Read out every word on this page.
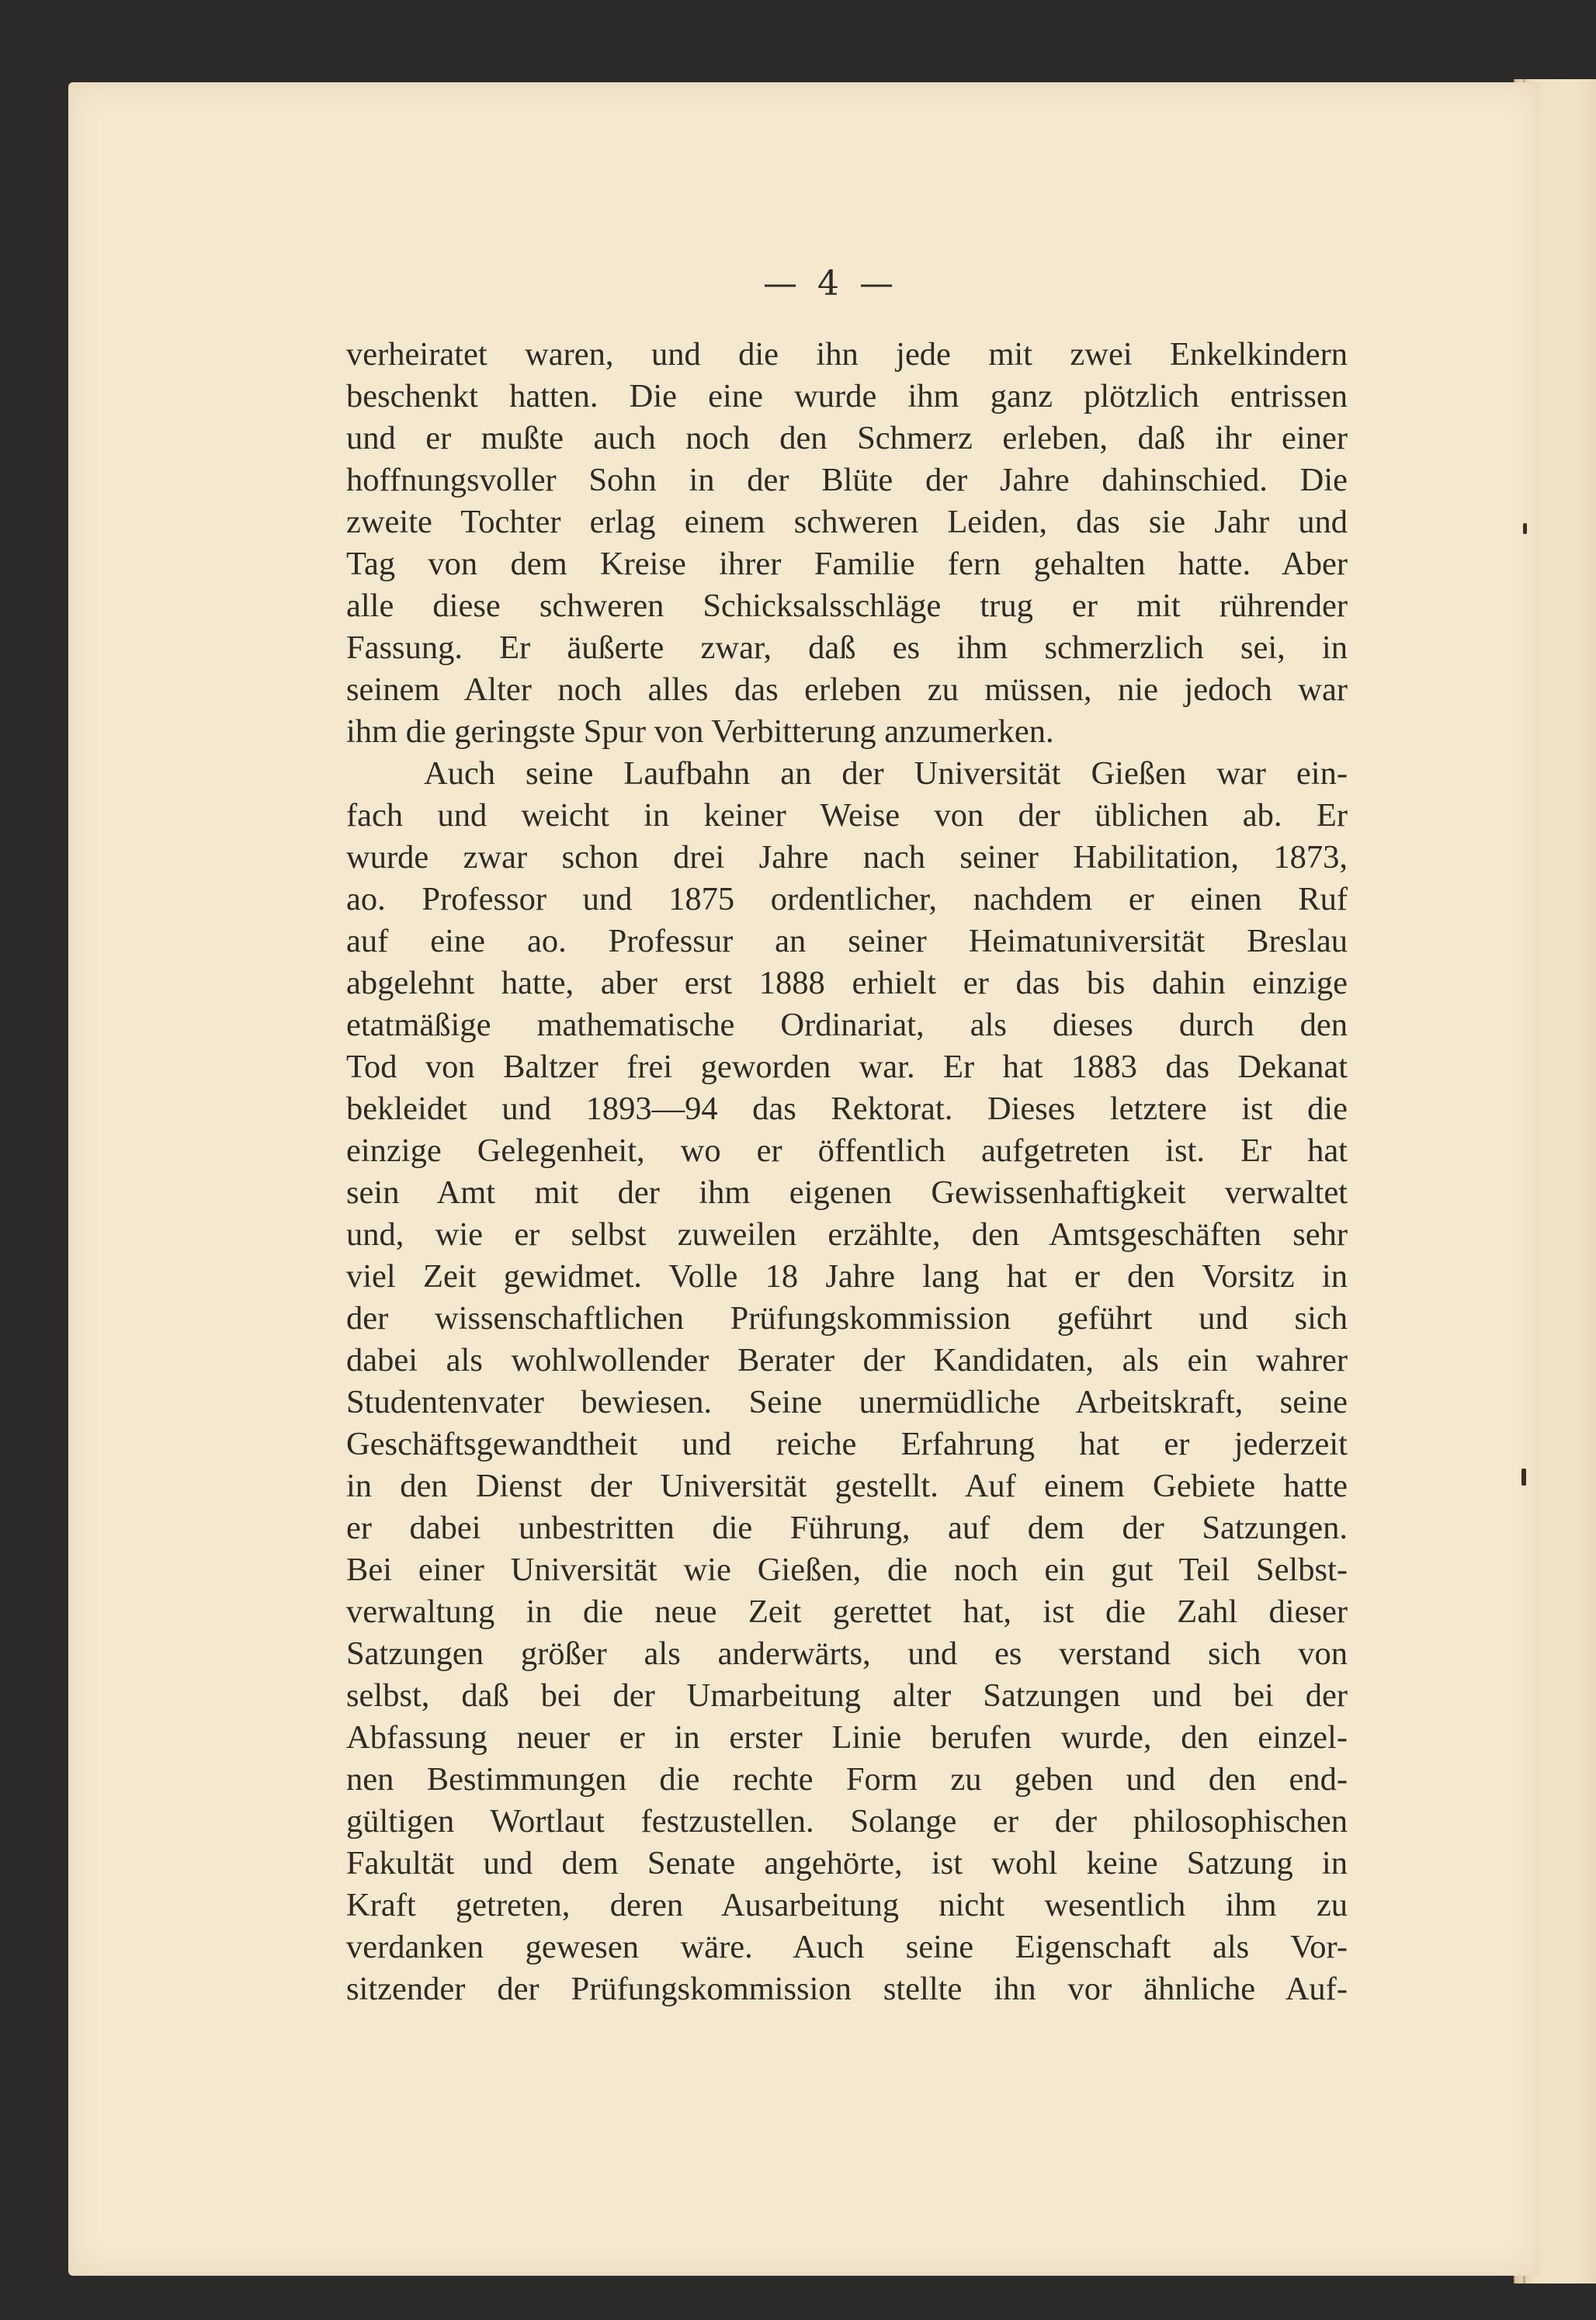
— 4 —
verheiratet waren, und die ihn jede mit zwei Enkelkindern
beschenkt hatten. Die eine wurde ihm ganz plötzlich entrissen
und er mußte auch noch den Schmerz erleben, daß ihr einer
hoffnungsvoller Sohn in der Blüte der Jahre dahinschied. Die
zweite Tochter erlag einem schweren Leiden, das sie Jahr und
Tag von dem Kreise ihrer Familie fern gehalten hatte. Aber
alle diese schweren Schicksalsschläge trug er mit rührender
Fassung. Er äußerte zwar, daß es ihm schmerzlich sei, in
seinem Alter noch alles das erleben zu müssen, nie jedoch war
ihm die geringste Spur von Verbitterung anzumerken.
Auch seine Laufbahn an der Universität Gießen war ein-
fach und weicht in keiner Weise von der üblichen ab. Er
wurde zwar schon drei Jahre nach seiner Habilitation, 1873,
ao. Professor und 1875 ordentlicher, nachdem er einen Ruf
auf eine ao. Professur an seiner Heimatuniversität Breslau
abgelehnt hatte, aber erst 1888 erhielt er das bis dahin einzige
etatmäßige mathematische Ordinariat, als dieses durch den
Tod von Baltzer frei geworden war. Er hat 1883 das Dekanat
bekleidet und 1893—94 das Rektorat. Dieses letztere ist die
einzige Gelegenheit, wo er öffentlich aufgetreten ist. Er hat
sein Amt mit der ihm eigenen Gewissenhaftigkeit verwaltet
und, wie er selbst zuweilen erzählte, den Amtsgeschäften sehr
viel Zeit gewidmet. Volle 18 Jahre lang hat er den Vorsitz in
der wissenschaftlichen Prüfungskommission geführt und sich
dabei als wohlwollender Berater der Kandidaten, als ein wahrer
Studentenvater bewiesen. Seine unermüdliche Arbeitskraft, seine
Geschäftsgewandtheit und reiche Erfahrung hat er jederzeit
in den Dienst der Universität gestellt. Auf einem Gebiete hatte
er dabei unbestritten die Führung, auf dem der Satzungen.
Bei einer Universität wie Gießen, die noch ein gut Teil Selbst-
verwaltung in die neue Zeit gerettet hat, ist die Zahl dieser
Satzungen größer als anderwärts, und es verstand sich von
selbst, daß bei der Umarbeitung alter Satzungen und bei der
Abfassung neuer er in erster Linie berufen wurde, den einzel-
nen Bestimmungen die rechte Form zu geben und den end-
gültigen Wortlaut festzustellen. Solange er der philosophischen
Fakultät und dem Senate angehörte, ist wohl keine Satzung in
Kraft getreten, deren Ausarbeitung nicht wesentlich ihm zu
verdanken gewesen wäre. Auch seine Eigenschaft als Vor-
sitzender der Prüfungskommission stellte ihn vor ähnliche Auf-
